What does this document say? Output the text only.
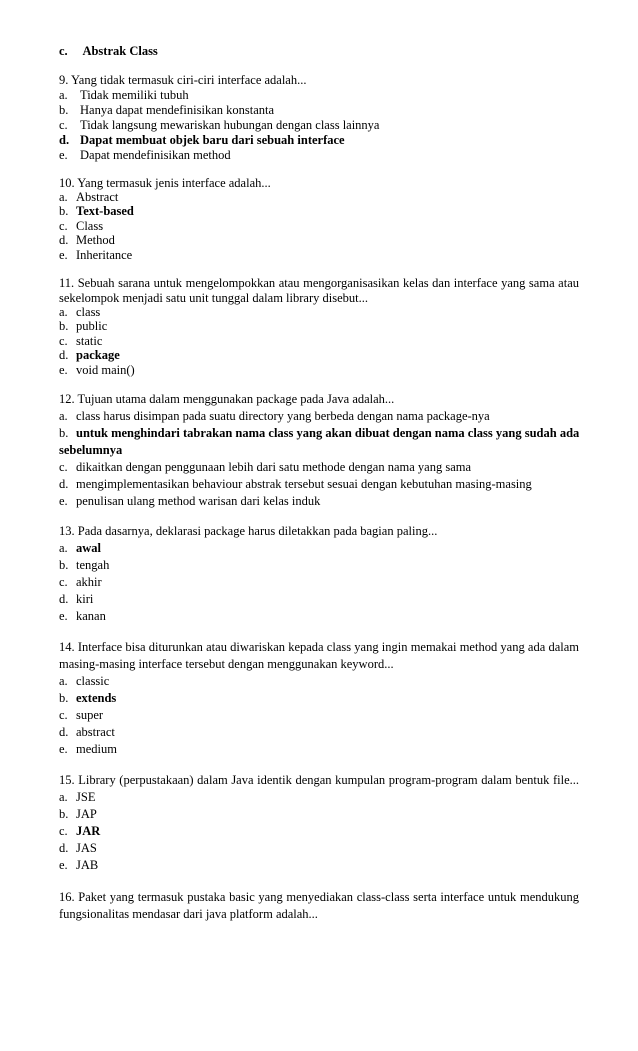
c. Abstrak Class
9. Yang tidak termasuk ciri-ciri interface adalah...
a. Tidak memiliki tubuh
b. Hanya dapat mendefinisikan konstanta
c. Tidak langsung mewariskan hubungan dengan class lainnya
d. Dapat membuat objek baru dari sebuah interface
e. Dapat mendefinisikan method
10. Yang termasuk jenis interface adalah...
a. Abstract
b. Text-based
c. Class
d. Method
e. Inheritance
11. Sebuah sarana untuk mengelompokkan atau mengorganisasikan kelas dan interface yang sama atau
sekelompok menjadi satu unit tunggal dalam library disebut...
a. class
b. public
c. static
d. package
e. void main()
12. Tujuan utama dalam menggunakan package pada Java adalah...
a. class harus disimpan pada suatu directory yang berbeda dengan nama package-nya
b. untuk menghindari tabrakan nama class yang akan dibuat dengan nama class yang sudah ada
sebelumnya
c. dikaitkan dengan penggunaan lebih dari satu methode dengan nama yang sama
d. mengimplementasikan behaviour abstrak tersebut sesuai dengan kebutuhan masing-masing
e. penulisan ulang method warisan dari kelas induk
13. Pada dasarnya, deklarasi package harus diletakkan pada bagian paling...
a. awal
b. tengah
c. akhir
d. kiri
e. kanan
14. Interface bisa diturunkan atau diwariskan kepada class yang ingin memakai method yang ada dalam
masing-masing interface tersebut dengan menggunakan keyword...
a. classic
b. extends
c. super
d. abstract
e. medium
15. Library (perpustakaan) dalam Java identik dengan kumpulan program-program dalam bentuk file...
a. JSE
b. JAP
c. JAR
d. JAS
e. JAB
16. Paket yang termasuk pustaka basic yang menyediakan class-class serta interface untuk mendukung
fungsionalitas mendasar dari java platform adalah...
